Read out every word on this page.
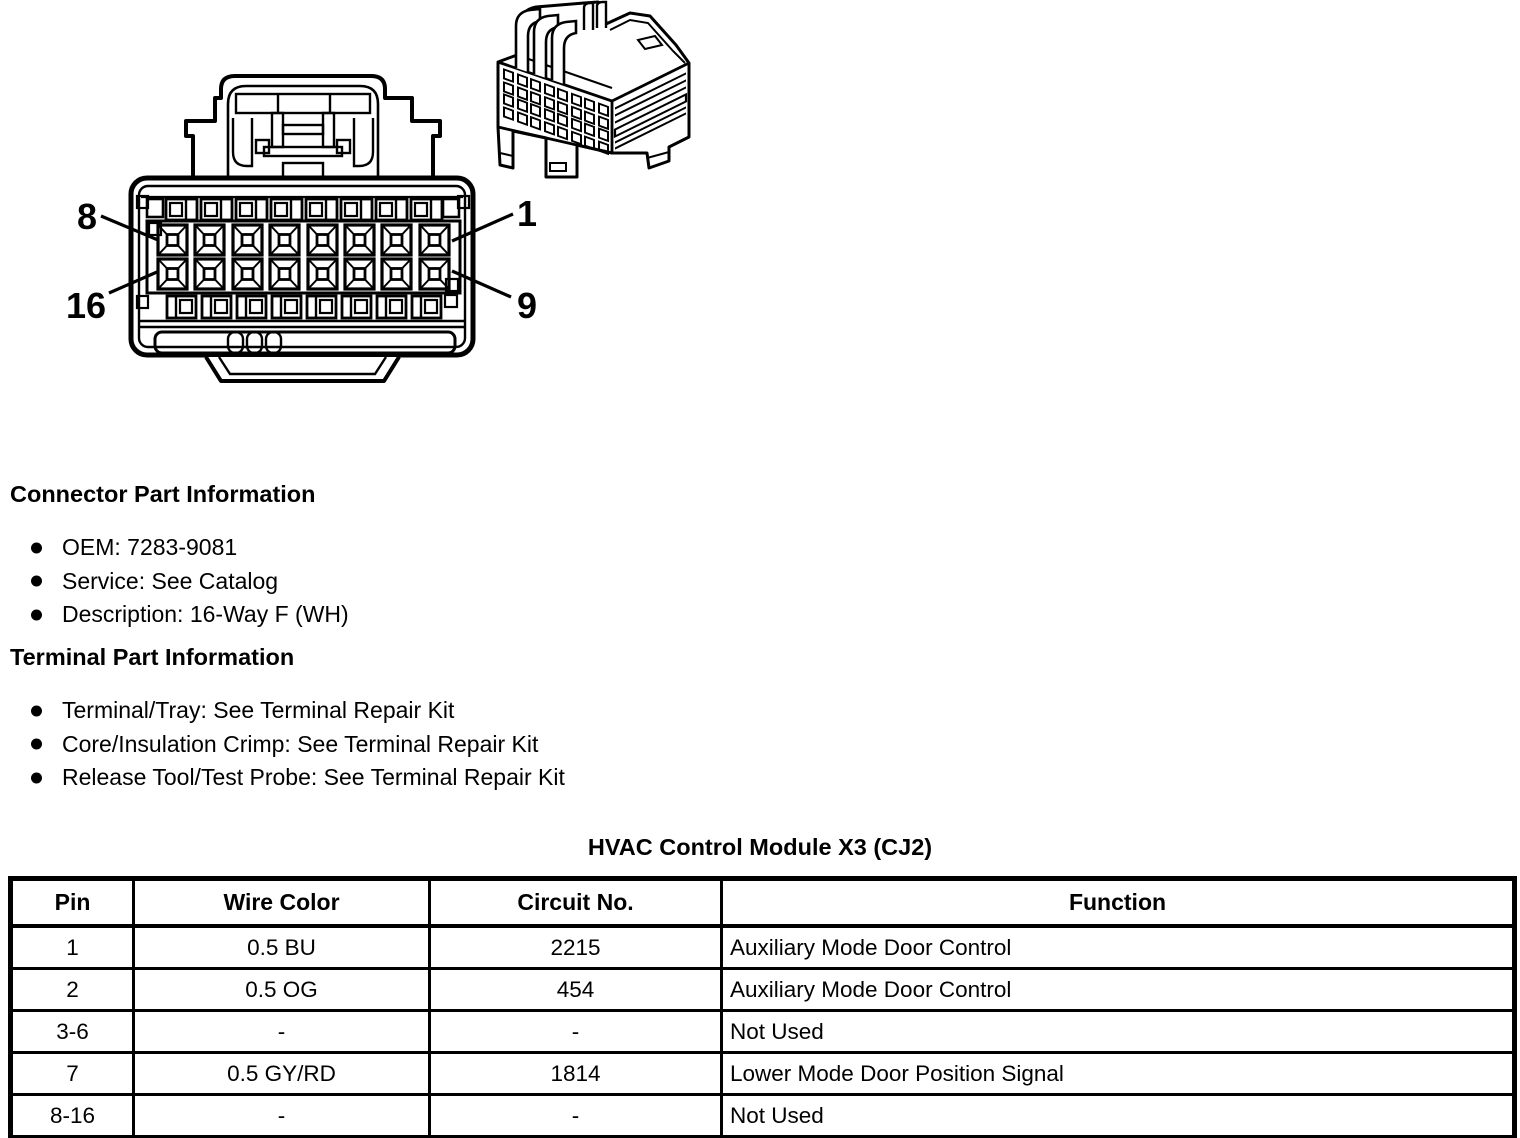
8
16
1
9
Connector Part Information
OEM: 7283-9081
Service: See Catalog
Description: 16-Way F (WH)
Terminal Part Information
Terminal/Tray: See Terminal Repair Kit
Core/Insulation Crimp: See Terminal Repair Kit
Release Tool/Test Probe: See Terminal Repair Kit
HVAC Control Module X3 (CJ2)
Pin	Wire Color	Circuit No.	Function
1	0.5 BU	2215	Auxiliary Mode Door Control
2	0.5 OG	454	Auxiliary Mode Door Control
3-6	-	-	Not Used
7	0.5 GY/RD	1814	Lower Mode Door Position Signal
8-16	-	-	Not Used
